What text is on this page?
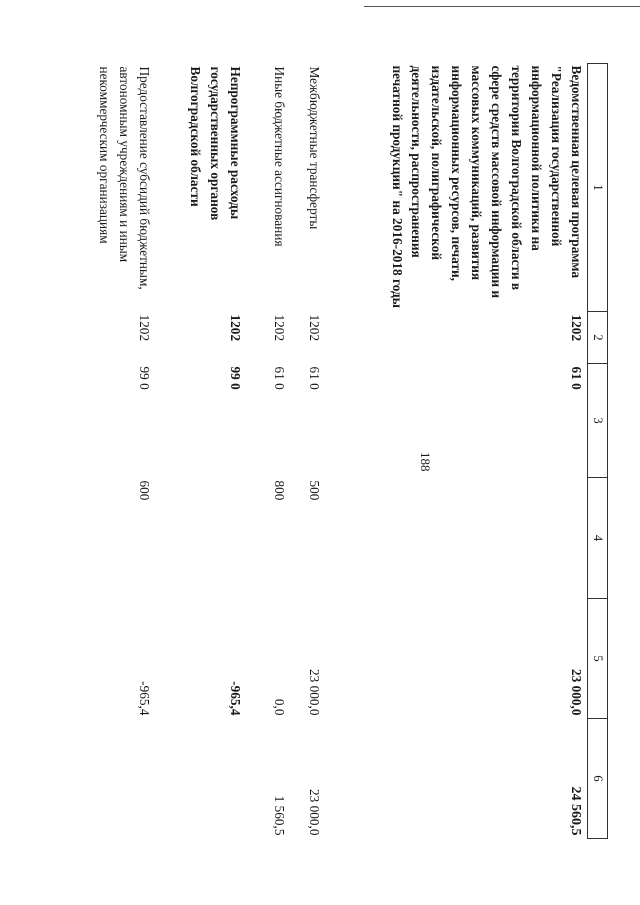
188
1	2	3	4	5	6
Ведомственная целевая программа "Реализация государственной информационной политики на территории Волгоградской области в сфере средств массовой информации и массовых коммуникаций, развития информационных ресурсов, печати, издательской, полиграфической деятельности, распространения печатной продукции" на 2016-2018 годы	1202	61 0		23 000,0	24 560,5
Межбюджетные трансферты	1202	61 0	500	23 000,0	23 000,0
Иные бюджетные ассигнования	1202	61 0	800	0,0	1 560,5
Непрограммные расходы государственных органов Волгоградской области	1202	99 0		-965,4	
Предоставление субсидий бюджетным, автономным учреждениям и иным некоммерческим организациям	1202	99 0	600	-965,4	
